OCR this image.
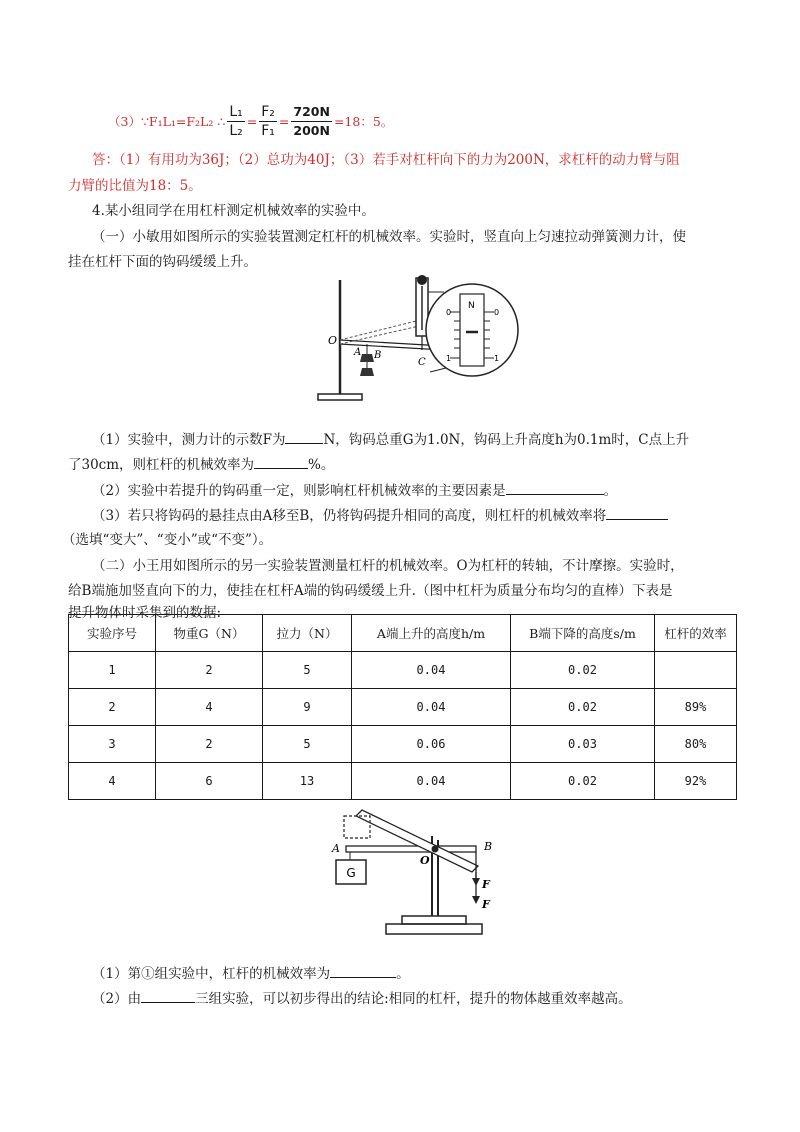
（3） ∵F₁L₁=F₂L₂ ∴ $\frac{\text{L₁}}{\text{L₂}} = \frac{\text{F₂}}{\text{F₁}} = \frac{720N}{200N} =18$：5。
答：（1）有用功为36J；（2）总功为40J；（3）若手对杠杆向下的力为200N，求杠杆的动力臂与阻
力臂的比值为18：5。
4.某小组同学在用杠杆测定机械效率的实验中。
（一）小敏用如图所示的实验装置测定杠杆的机械效率。实验时，竖直向上匀速拉动弹簧测力计，使
挂在杠杆下面的钩码缓缓上升。
O
A B
C
N
0	0
1	1
（1）实验中，测力计的示数F为	N，钩码总重G为1.0N，钩码上升高度h为0.1m时，C点上升
了30cm，则杠杆的机械效率为	%。
（2）实验中若提升的钩码重一定，则影响杠杆机械效率的主要因素是	。
（3）若只将钩码的悬挂点由A移至B，仍将钩码提升相同的高度，则杠杆的机械效率将
（选填“变大”、“变小”或“不变”）。
（二）小王用如图所示的另一实验装置测量杠杆的机械效率。O为杠杆的转轴，不计摩擦。实验时，
给B端施加竖直向下的力，使挂在杠杆A端的钩码缓缓上升.（图中杠杆为质量分布均匀的直棒）下表是
提升物体时采集到的数据:
实验序号	物重G（N）	拉力（N）	A端上升的高度h/m	B端下降的高度s/m	杠杆的效率
1	2	5	0.04	0.02	
2	4	9	0.04	0.02	89%
3	2	5	0.06	0.03	80%
4	6	13	0.04	0.02	92%
A
G
O
B
F
F
（1）第①组实验中，杠杆的机械效率为	。
（2）由	三组实验，可以初步得出的结论:相同的杠杆，提升的物体越重效率越高。
